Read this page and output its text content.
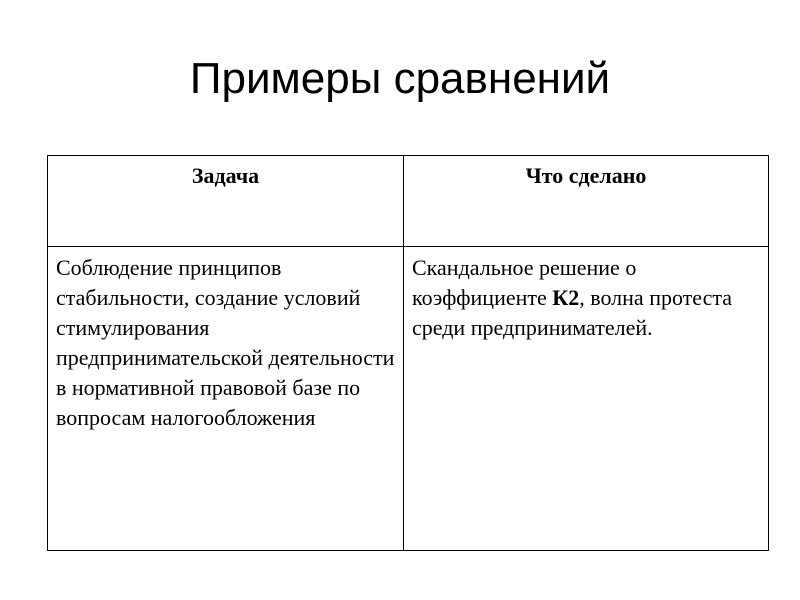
Примеры сравнений
Задача	Что сделано
Соблюдение принципов стабильности, создание условий стимулирования предпринимательской деятельности в нормативной правовой базе по вопросам налогообложения	Скандальное решение о коэффициенте К2, волна протеста среди предпринимателей.
